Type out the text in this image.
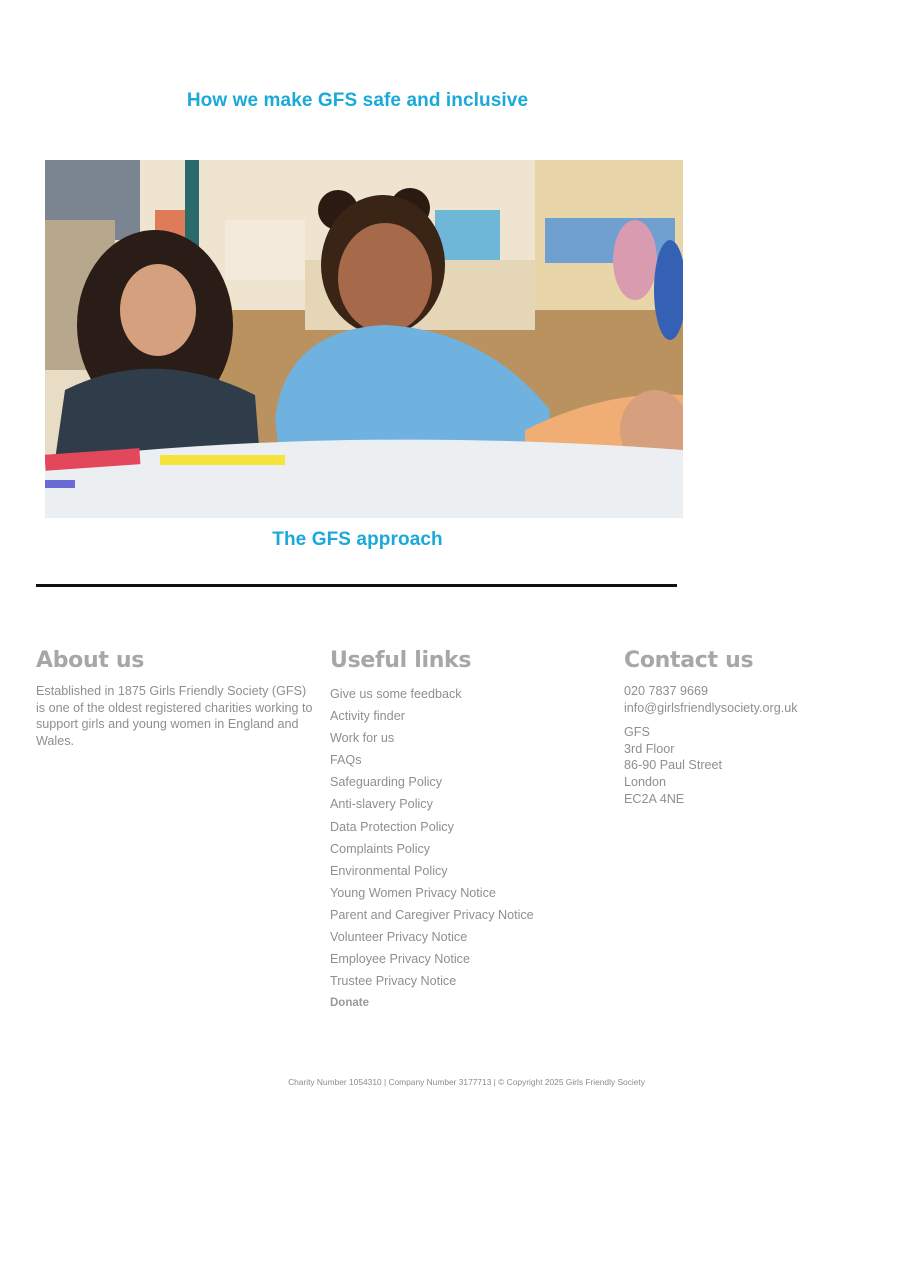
How we make GFS safe and inclusive
The GFS approach
About us

Established in 1875 Girls Friendly Society (GFS) is one of the oldest registered charities working to support girls and young women in England and Wales.

Useful links
Give us some feedback
Activity finder
Work for us
FAQs
Safeguarding Policy
Anti-slavery Policy
Data Protection Policy
Complaints Policy
Environmental Policy
Young Women Privacy Notice
Parent and Caregiver Privacy Notice
Volunteer Privacy Notice
Employee Privacy Notice
Trustee Privacy Notice
Donate
Contact us
020 7837 9669
info@girlsfriendlysociety.org.uk
GFS
3rd Floor
86-90 Paul Street
London
EC2A 4NE
Charity Number 1054310 | Company Number 3177713 | © Copyright 2025 Girls Friendly Society
